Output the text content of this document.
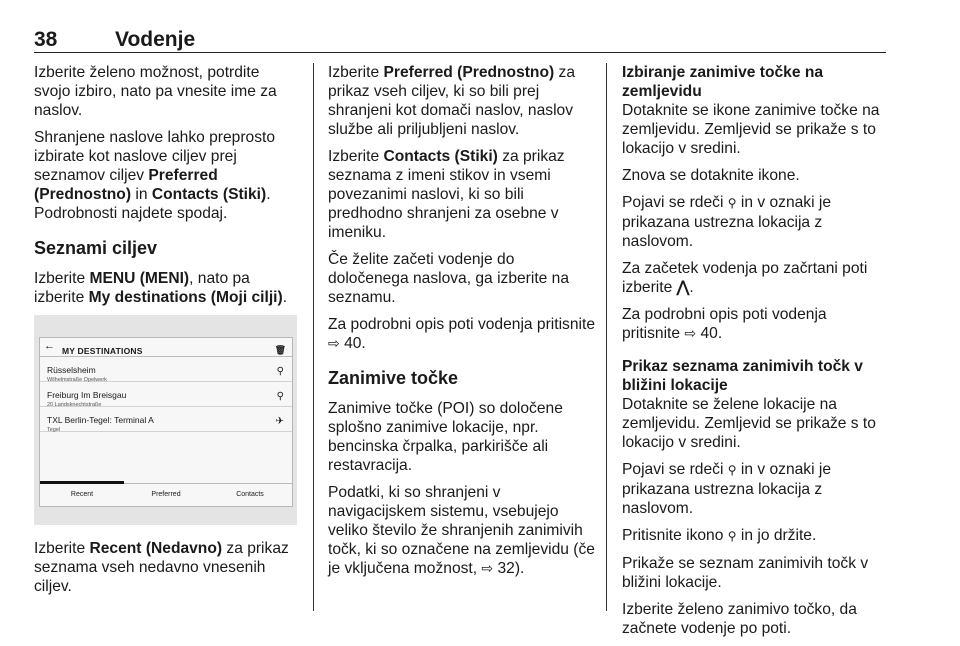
38	Vodenje

Izberite želeno možnost, potrdite svojo izbiro, nato pa vnesite ime za naslov.

Shranjene naslove lahko preprosto izbirate kot naslove ciljev prej seznamov ciljev Preferred (Prednostno) in Contacts (Stiki). Podrobnosti najdete spodaj.

Seznami ciljev

Izberite MENU (MENI), nato pa izberite My destinations (Moji cilji).

← MY DESTINATIONS	🗑
Rüsselsheim
Wilhelmstraße Opelwerk
⚲
Freiburg Im Breisgau
20 Landsknechtstraße
⚲
TXL Berlin-Tegel: Terminal A
Tegel
✈
Recent	Preferred	Contacts

Izberite Recent (Nedavno) za prikaz seznama vseh nedavno vnesenih ciljev.

Izberite Preferred (Prednostno) za prikaz vseh ciljev, ki so bili prej shranjeni kot domači naslov, naslov službe ali priljubljeni naslov.

Izberite Contacts (Stiki) za prikaz seznama z imeni stikov in vsemi povezanimi naslovi, ki so bili predhodno shranjeni za osebne v imeniku.

Če želite začeti vodenje do določenega naslova, ga izberite na seznamu.

Za podrobni opis poti vodenja pritisnite ⇨ 40.

Zanimive točke

Zanimive točke (POI) so določene splošno zanimive lokacije, npr. bencinska črpalka, parkirišče ali restavracija.

Podatki, ki so shranjeni v navigacijskem sistemu, vsebujejo veliko število že shranjenih zanimivih točk, ki so označene na zemljevidu (če je vključena možnost, ⇨ 32).

Izbiranje zanimive točke na zemljevidu

Dotaknite se ikone zanimive točke na zemljevidu. Zemljevid se prikaže s to lokacijo v sredini.

Znova se dotaknite ikone.

Pojavi se rdeči ⚲ in v oznaki je prikazana ustrezna lokacija z naslovom.

Za začetek vodenja po začrtani poti izberite ⋀.

Za podrobni opis poti vodenja pritisnite ⇨ 40.

Prikaz seznama zanimivih točk v bližini lokacije

Dotaknite se želene lokacije na zemljevidu. Zemljevid se prikaže s to lokacijo v sredini.

Pojavi se rdeči ⚲ in v oznaki je prikazana ustrezna lokacija z naslovom.

Pritisnite ikono ⚲ in jo držite.

Prikaže se seznam zanimivih točk v bližini lokacije.

Izberite želeno zanimivo točko, da začnete vodenje po poti.
